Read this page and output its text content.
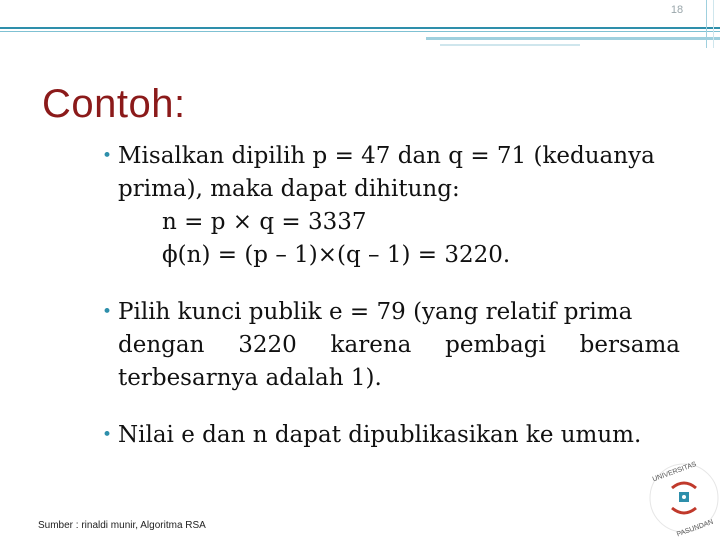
18
Contoh:
• Misalkan dipilih p = 47 dan q = 71 (keduanya
prima), maka dapat dihitung:
n = p × q = 3337
ϕ(n) = (p – 1)×(q – 1) = 3220.
• Pilih kunci publik e = 79 (yang relatif prima
dengan 3220 karena pembagi bersama
terbesarnya adalah 1).
• Nilai e dan n dapat dipublikasikan ke umum.
Sumber : rinaldi munir, Algoritma RSA
UNIVERSITAS
PASUNDAN
